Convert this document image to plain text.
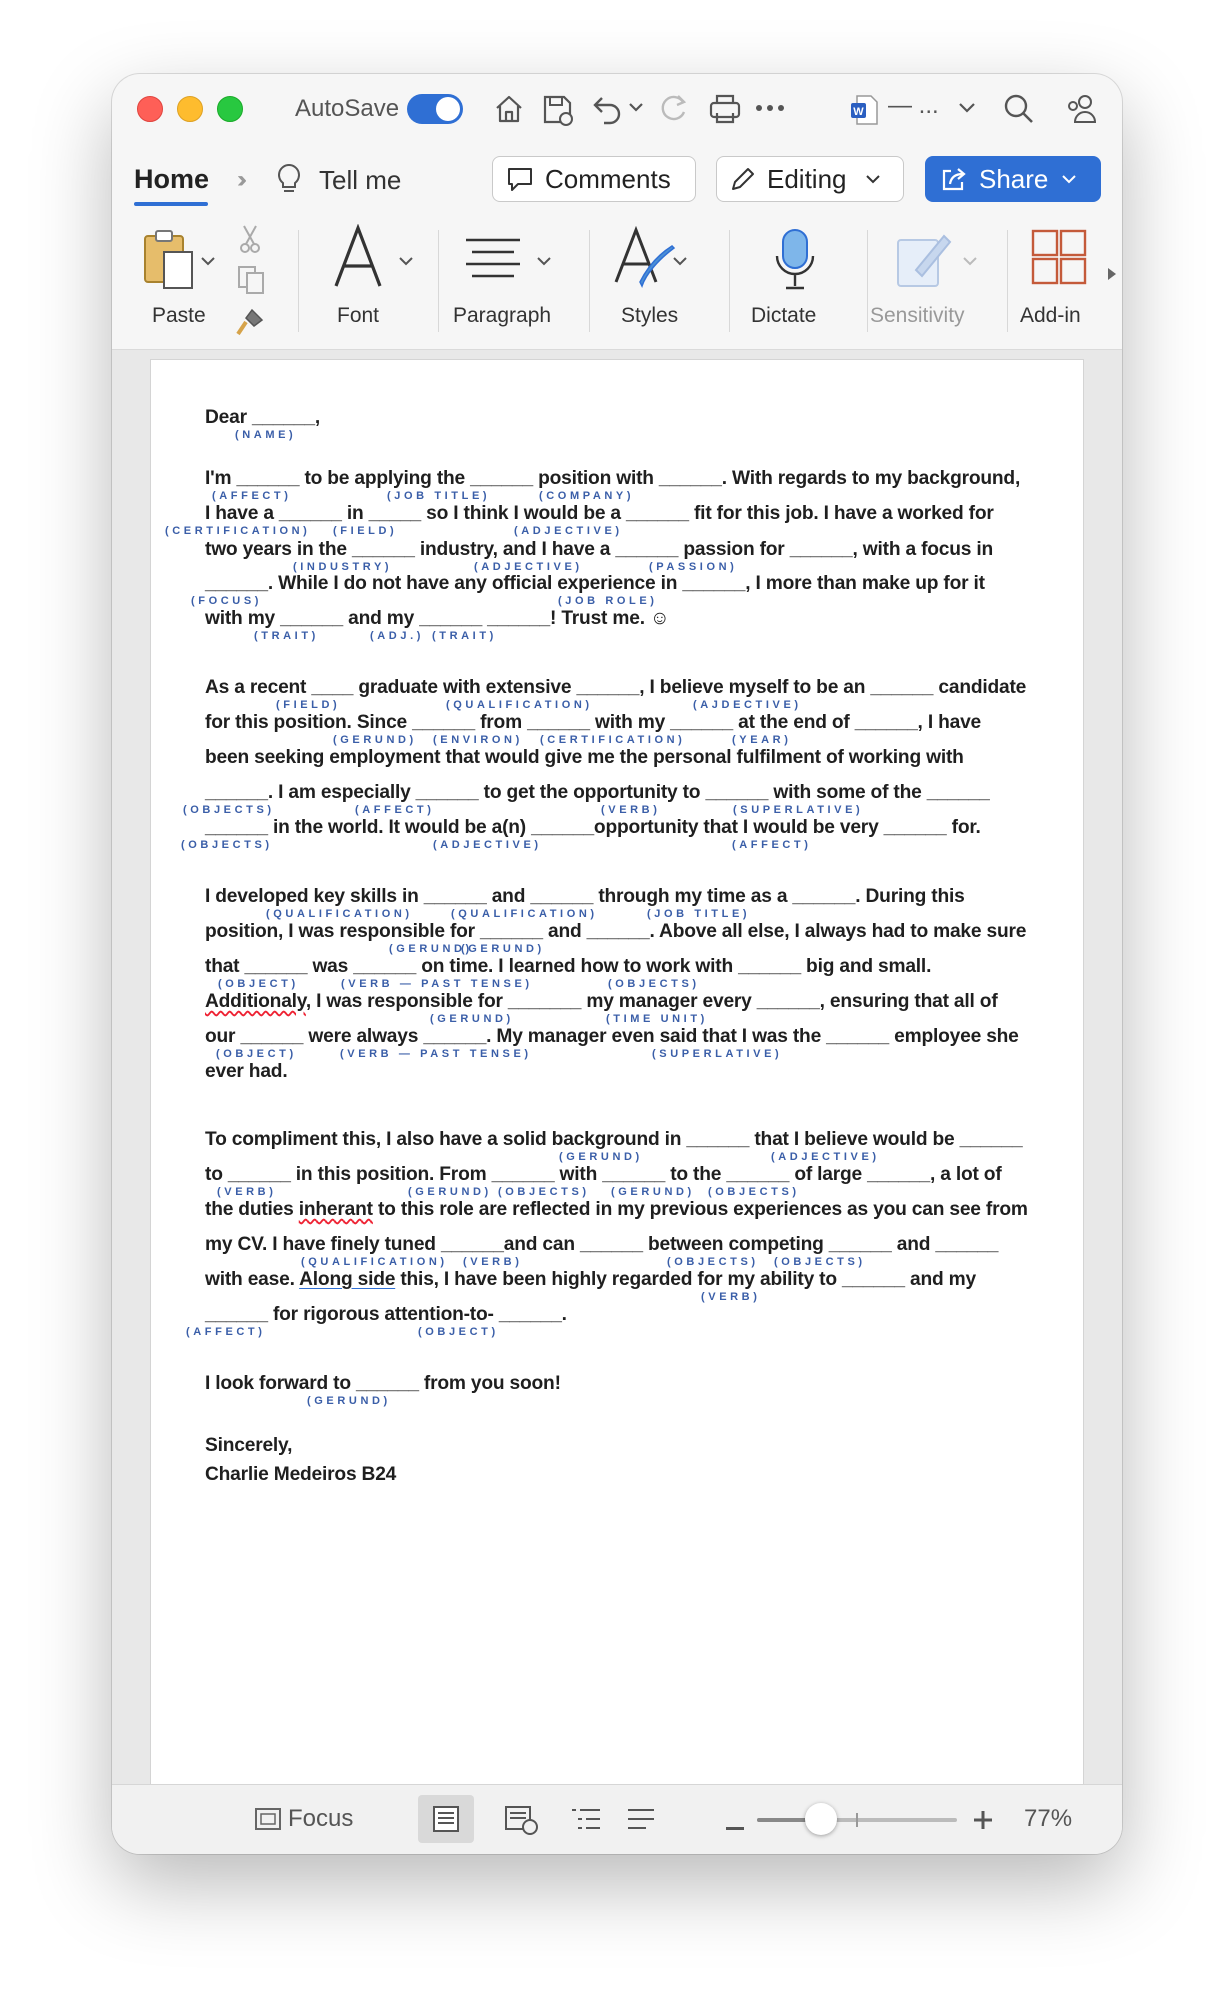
AutoSave	W — ...
Home ››	Tell me	Comments	Editing	Share
Paste	Font	Paragraph	Styles	Dictate	Sensitivity	Add-in
Dear ______,
(NAME)
I'm ______ to be applying the ______ position with ______. With regards to my background,
(AFFECT)	(JOB TITLE)	(COMPANY)
I have a ______ in _____ so I think I would be a ______ fit for this job. I have a worked for
(CERTIFICATION) (FIELD)	(ADJECTIVE)
two years in the ______ industry, and I have a ______ passion for ______, with a focus in
(INDUSTRY)	(ADJECTIVE)	(PASSION)
______. While I do not have any official experience in ______, I more than make up for it
(FOCUS)	(JOB ROLE)
with my ______ and my ______ ______! Trust me. ☺
(TRAIT)	(ADJ.) (TRAIT)
As a recent ____ graduate with extensive ______, I believe myself to be an ______ candidate
(FIELD)	(QUALIFICATION)	(AJDECTIVE)
for this position. Since ______ from ______ with my ______ at the end of ______, I have
(GERUND) (ENVIRON) (CERTIFICATION)	(YEAR)
been seeking employment that would give me the personal fulfilment of working with
______. I am especially ______ to get the opportunity to ______ with some of the ______
(OBJECTS)	(AFFECT)	(VERB)	(SUPERLATIVE)
______ in the world. It would be a(n) ______opportunity that I would be very ______ for.
(OBJECTS)	(ADJECTIVE)	(AFFECT)
I developed key skills in ______ and ______ through my time as a ______. During this
(QUALIFICATION)	(QUALIFICATION)	(JOB TITLE)
position, I was responsible for ______ and ______. Above all else, I always had to make sure
(GERUND)
(GERUND)
that ______ was ______ on time. I learned how to work with ______ big and small.
(OBJECT)	(VERB — PAST TENSE)	(OBJECTS)
Additionaly, I was responsible for _______ my manager every ______, ensuring that all of
(GERUND)	(TIME UNIT)
our ______ were always ______. My manager even said that I was the ______ employee she
(OBJECT)	(VERB — PAST TENSE)	(SUPERLATIVE)
ever had.
To compliment this, I also have a solid background in ______ that I believe would be ______
(GERUND)	(ADJECTIVE)
to ______ in this position. From ______ with ______ to the ______ of large ______, a lot of
(VERB)	(GERUND) (OBJECTS) (GERUND) (OBJECTS)
the duties inherant to this role are reflected in my previous experiences as you can see from
my CV. I have finely tuned ______and can ______ between competing ______ and ______
(QUALIFICATION) (VERB)	(OBJECTS) (OBJECTS)
with ease. Along side this, I have been highly regarded for my ability to ______ and my
(VERB)
______ for rigorous attention-to- ______.
(AFFECT)	(OBJECT)
I look forward to ______ from you soon!
(GERUND)
Sincerely,
Charlie Medeiros B24
Focus	77%
